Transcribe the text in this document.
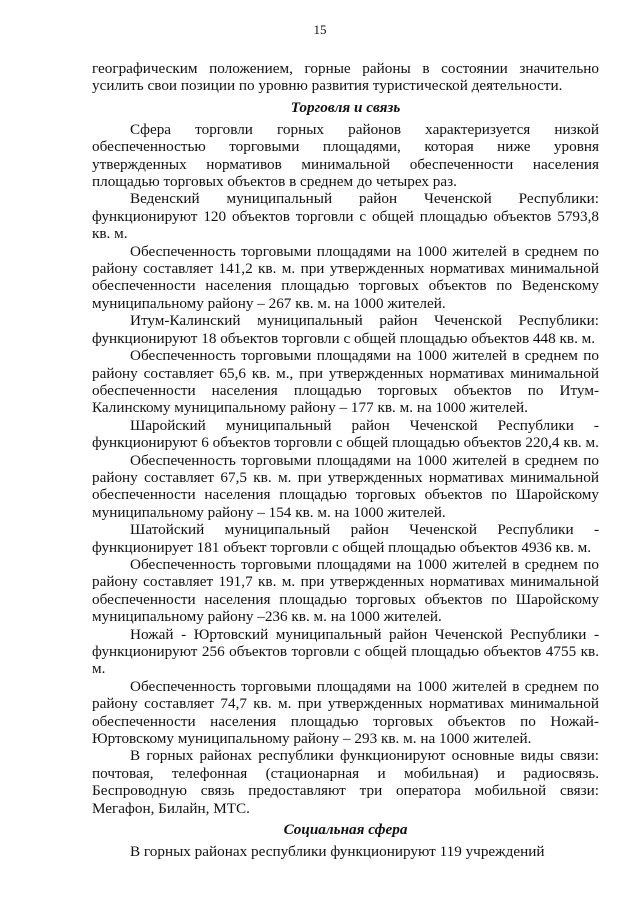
15

географическим положением, горные районы в состоянии значительно усилить свои позиции по уровню развития туристической деятельности.

Торговля и связь

Сфера торговли горных районов характеризуется низкой обеспеченностью торговыми площадями, которая ниже уровня утвержденных нормативов минимальной обеспеченности населения площадью торговых объектов в среднем до четырех раз.

Веденский муниципальный район Чеченской Республики: функционируют 120 объектов торговли с общей площадью объектов 5793,8 кв. м.

Обеспеченность торговыми площадями на 1000 жителей в среднем по району составляет 141,2 кв. м. при утвержденных нормативах минимальной обеспеченности населения площадью торговых объектов по Веденскому муниципальному району – 267 кв. м. на 1000 жителей.

Итум-Калинский муниципальный район Чеченской Республики: функционируют 18 объектов торговли с общей площадью объектов 448 кв. м.

Обеспеченность торговыми площадями на 1000 жителей в среднем по району составляет 65,6 кв. м., при утвержденных нормативах минимальной обеспеченности населения площадью торговых объектов по Итум-Калинскому муниципальному району – 177 кв. м. на 1000 жителей.

Шаройский муниципальный район Чеченской Республики - функционируют 6 объектов торговли с общей площадью объектов 220,4 кв. м.

Обеспеченность торговыми площадями на 1000 жителей в среднем по району составляет 67,5 кв. м. при утвержденных нормативах минимальной обеспеченности населения площадью торговых объектов по Шаройскому муниципальному району – 154 кв. м. на 1000 жителей.

Шатойский муниципальный район Чеченской Республики - функционирует 181 объект торговли с общей площадью объектов 4936 кв. м.

Обеспеченность торговыми площадями на 1000 жителей в среднем по району составляет 191,7 кв. м. при утвержденных нормативах минимальной обеспеченности населения площадью торговых объектов по Шаройскому муниципальному району –236 кв. м. на 1000 жителей.

Ножай - Юртовский муниципальный район Чеченской Республики - функционируют 256 объектов торговли с общей площадью объектов 4755 кв. м.

Обеспеченность торговыми площадями на 1000 жителей в среднем по району составляет 74,7 кв. м. при утвержденных нормативах минимальной обеспеченности населения площадью торговых объектов по Ножай-Юртовскому муниципальному району – 293 кв. м. на 1000 жителей.

В горных районах республики функционируют основные виды связи: почтовая, телефонная (стационарная и мобильная) и радиосвязь. Беспроводную связь предоставляют три оператора мобильной связи: Мегафон, Билайн, МТС.

Социальная сфера

В горных районах республики функционируют 119 учреждений
